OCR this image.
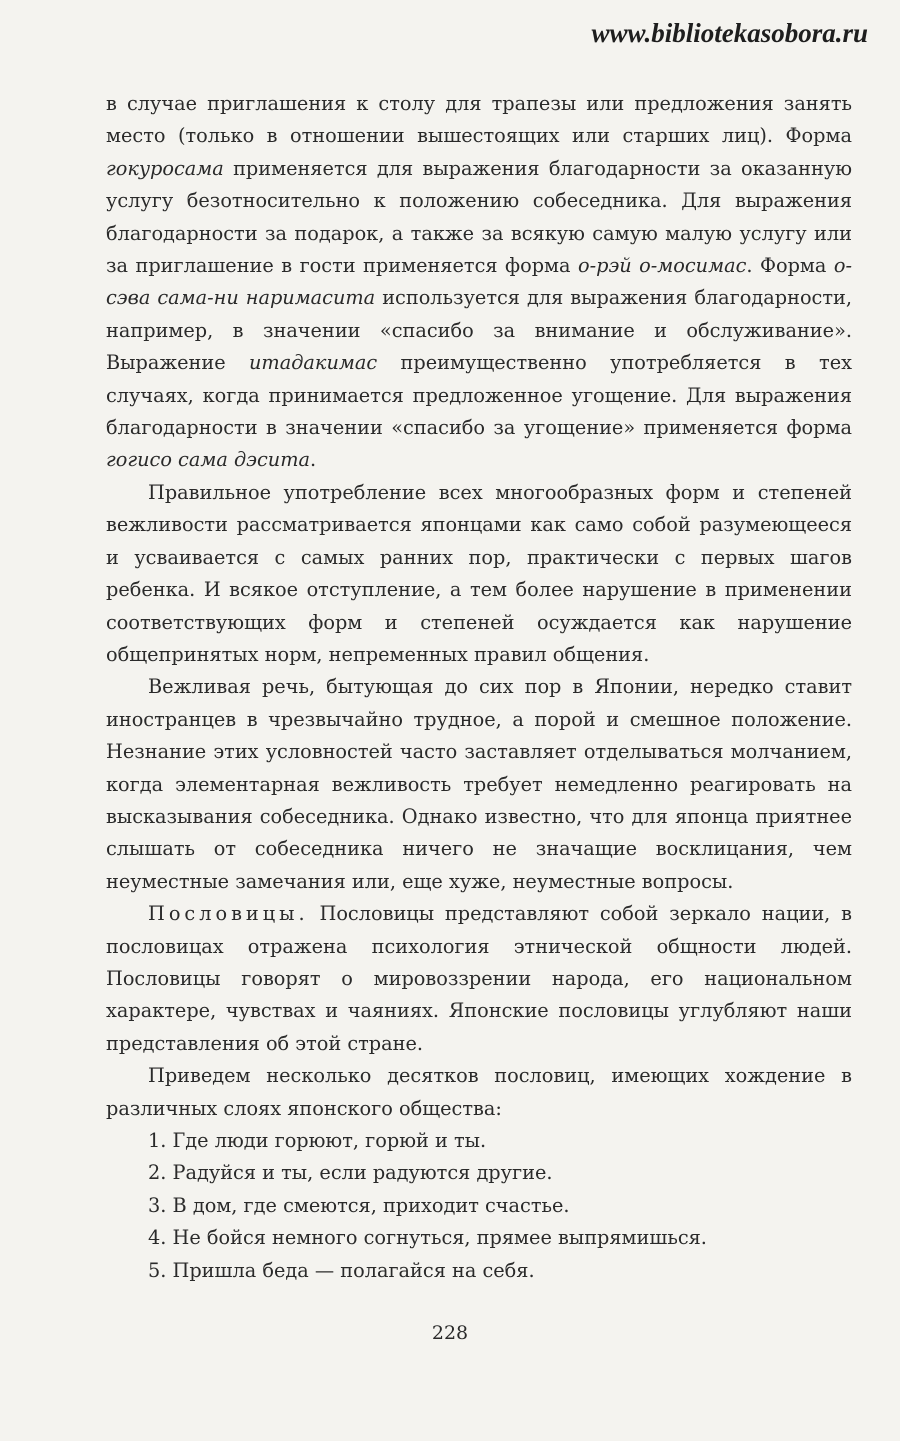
www.bibliotekasobora.ru

в случае приглашения к столу для трапезы или предложения занять место (только в отношении вышестоящих или старших лиц). Форма гокуросама применяется для выражения благодарности за оказанную услугу безотносительно к положению собеседника. Для выражения благодарности за подарок, а также за всякую самую малую услугу или за приглашение в гости применяется форма о-рэй о-мосимас. Форма о-сэва сама-ни наримасита используется для выражения благодарности, например, в значении «спасибо за внимание и обслуживание». Выражение итадакимас преимущественно употребляется в тех случаях, когда принимается предложенное угощение. Для выражения благодарности в значении «спасибо за угощение» применяется форма гогисо сама дэсита.

Правильное употребление всех многообразных форм и степеней вежливости рассматривается японцами как само собой разумеющееся и усваивается с самых ранних пор, практически с первых шагов ребенка. И всякое отступление, а тем более нарушение в применении соответствующих форм и степеней осуждается как нарушение общепринятых норм, непременных правил общения.

Вежливая речь, бытующая до сих пор в Японии, нередко ставит иностранцев в чрезвычайно трудное, а порой и смешное положение. Незнание этих условностей часто заставляет отделываться молчанием, когда элементарная вежливость требует немедленно реагировать на высказывания собеседника. Однако известно, что для японца приятнее слышать от собеседника ничего не значащие восклицания, чем неуместные замечания или, еще хуже, неуместные вопросы.

Пословицы. Пословицы представляют собой зеркало нации, в пословицах отражена психология этнической общности людей. Пословицы говорят о мировоззрении народа, его национальном характере, чувствах и чаяниях. Японские пословицы углубляют наши представления об этой стране.

Приведем несколько десятков пословиц, имеющих хождение в различных слоях японского общества:

1. Где люди горюют, горюй и ты.
2. Радуйся и ты, если радуются другие.
3. В дом, где смеются, приходит счастье.
4. Не бойся немного согнуться, прямее выпрямишься.
5. Пришла беда — полагайся на себя.
228
